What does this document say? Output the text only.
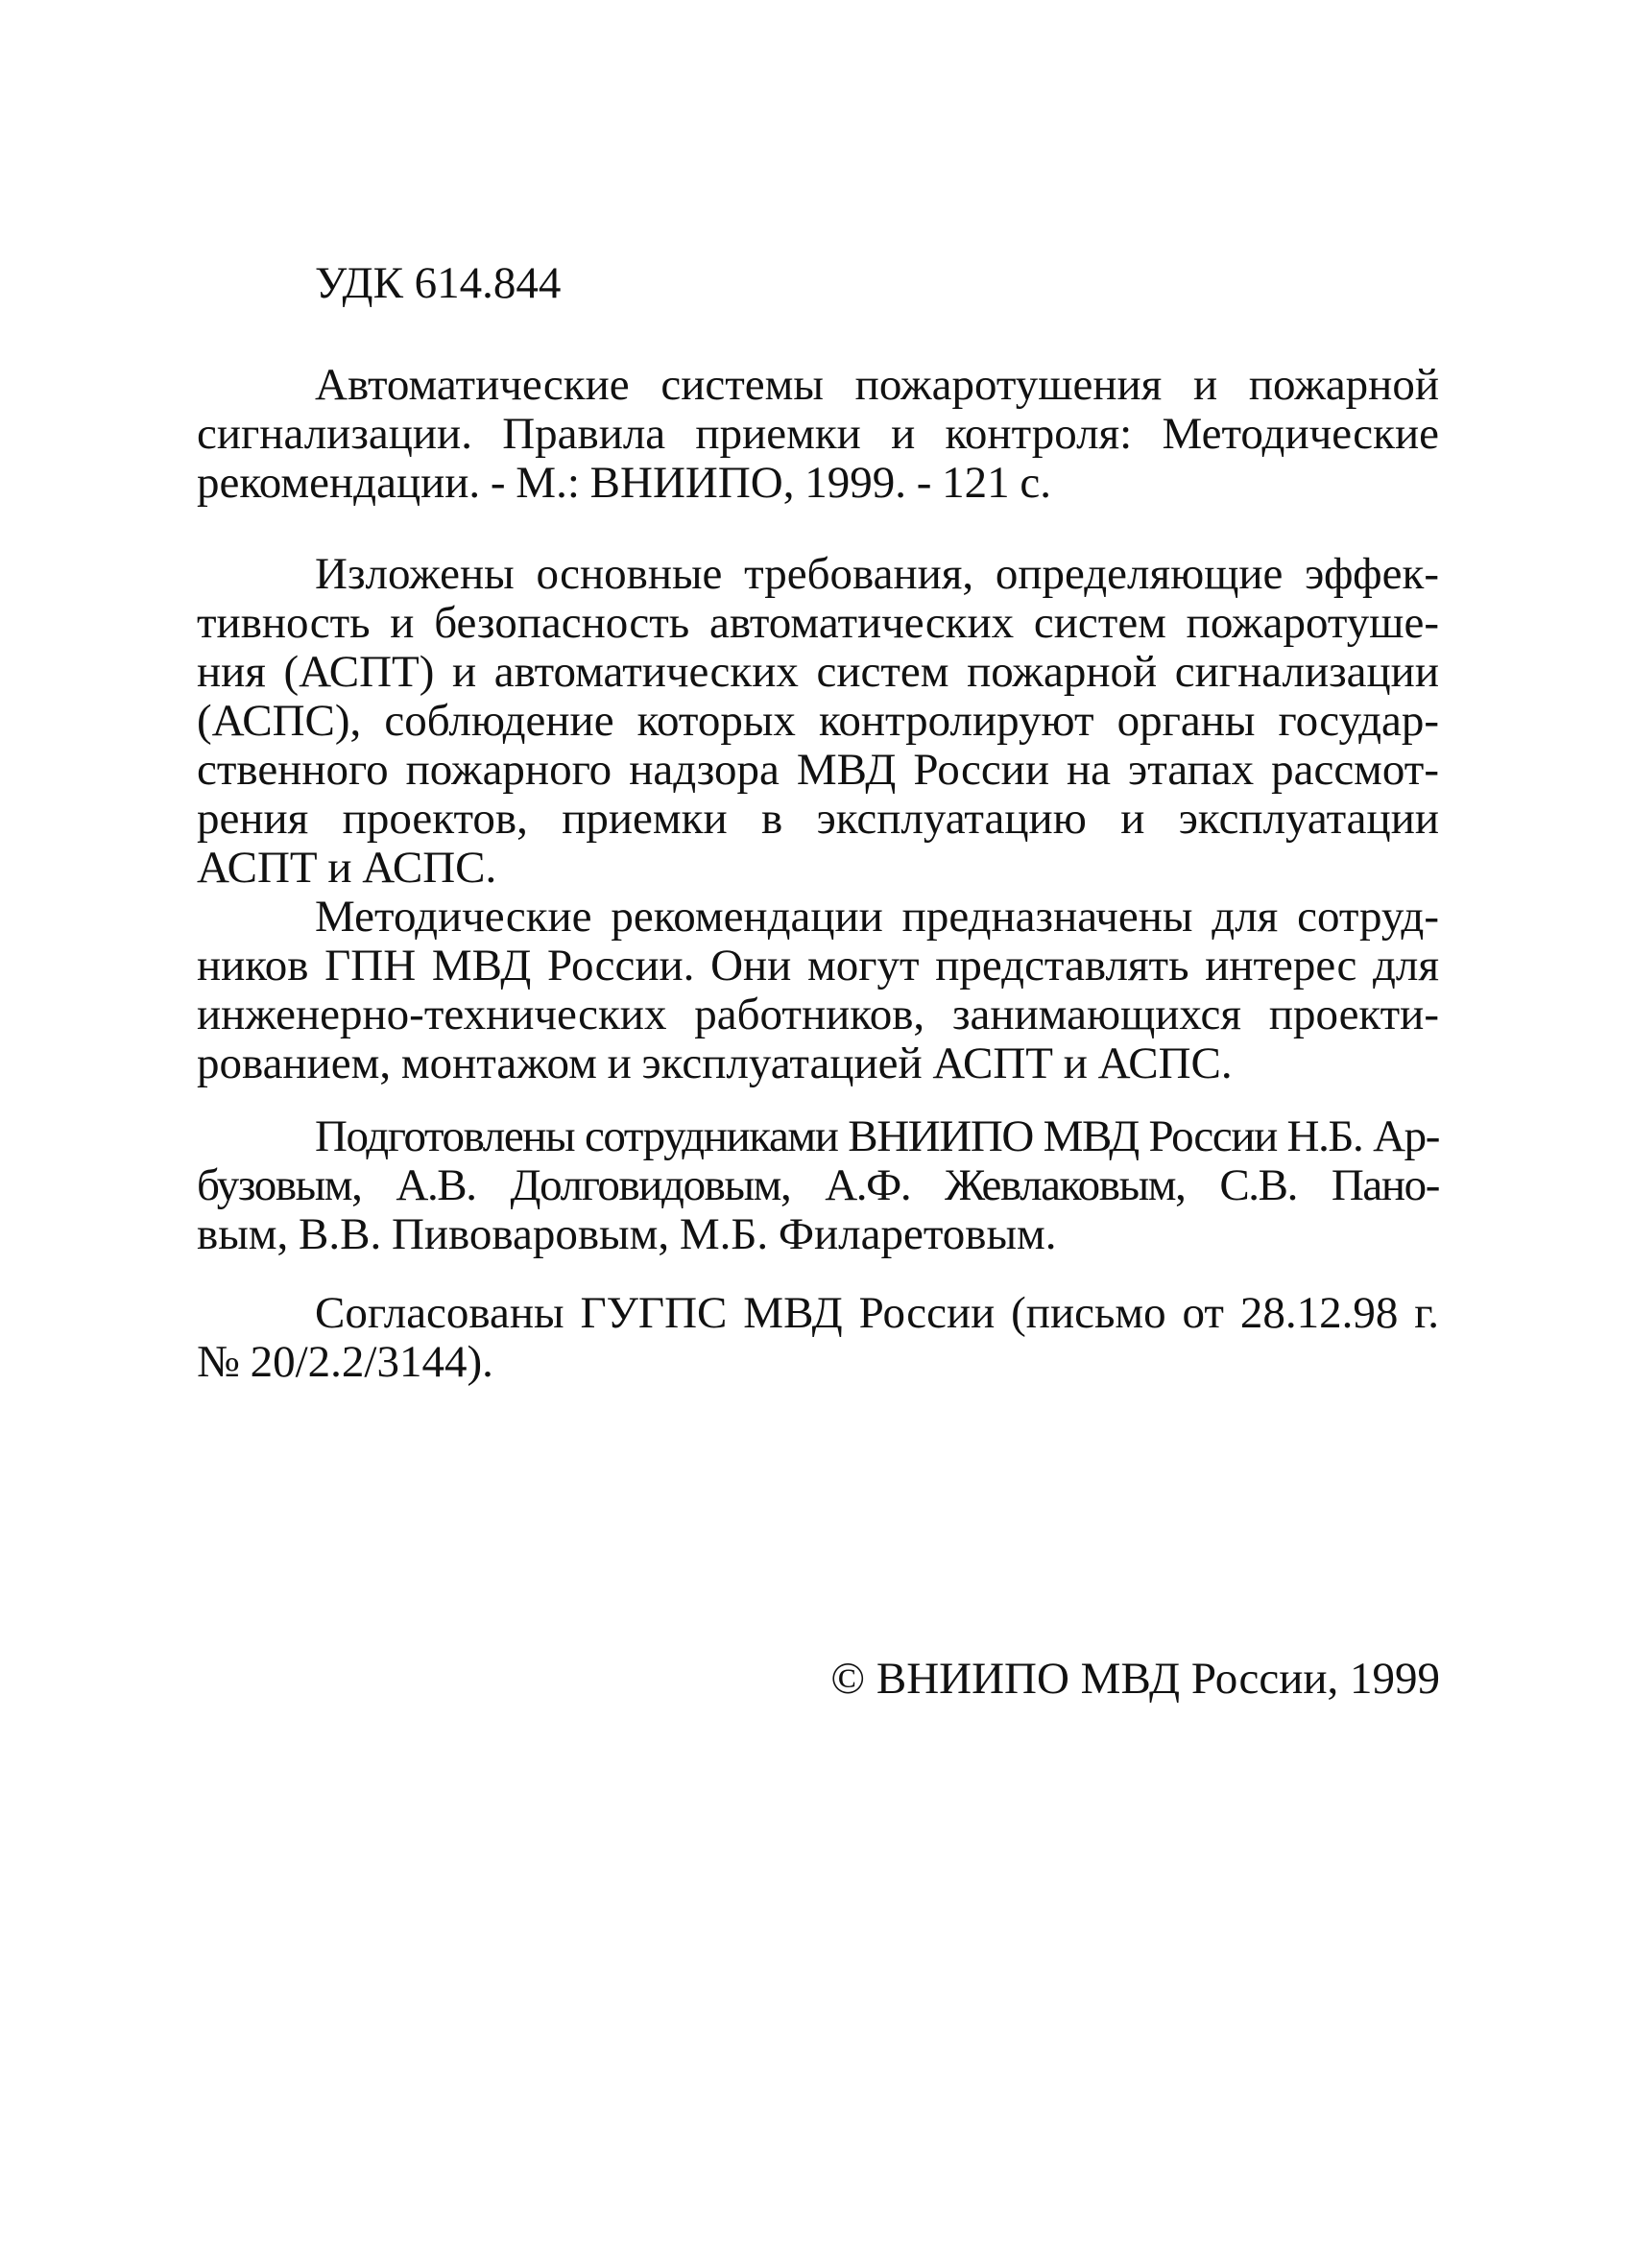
УДК 614.844
Автоматические системы пожаротушения и пожарной
сигнализации. Правила приемки и контроля: Методические
рекомендации. - М.: ВНИИПО, 1999. - 121 с.
Изложены основные требования, определяющие эффек-
тивность и безопасность автоматических систем пожаротуше-
ния (АСПТ) и автоматических систем пожарной сигнализации
(АСПС), соблюдение которых контролируют органы государ-
ственного пожарного надзора МВД России на этапах рассмот-
рения проектов, приемки в эксплуатацию и эксплуатации
АСПТ и АСПС.
Методические рекомендации предназначены для сотруд-
ников ГПН МВД России. Они могут представлять интерес для
инженерно-технических работников, занимающихся проекти-
рованием, монтажом и эксплуатацией АСПТ и АСПС.
Подготовлены сотрудниками ВНИИПО МВД России Н.Б. Ар-
бузовым, А.В. Долговидовым, А.Ф. Жевлаковым, С.В. Пано-
вым, В.В. Пивоваровым, М.Б. Филаретовым.
Согласованы ГУГПС МВД России (письмо от 28.12.98 г.
№ 20/2.2/3144).
© ВНИИПО МВД России, 1999
